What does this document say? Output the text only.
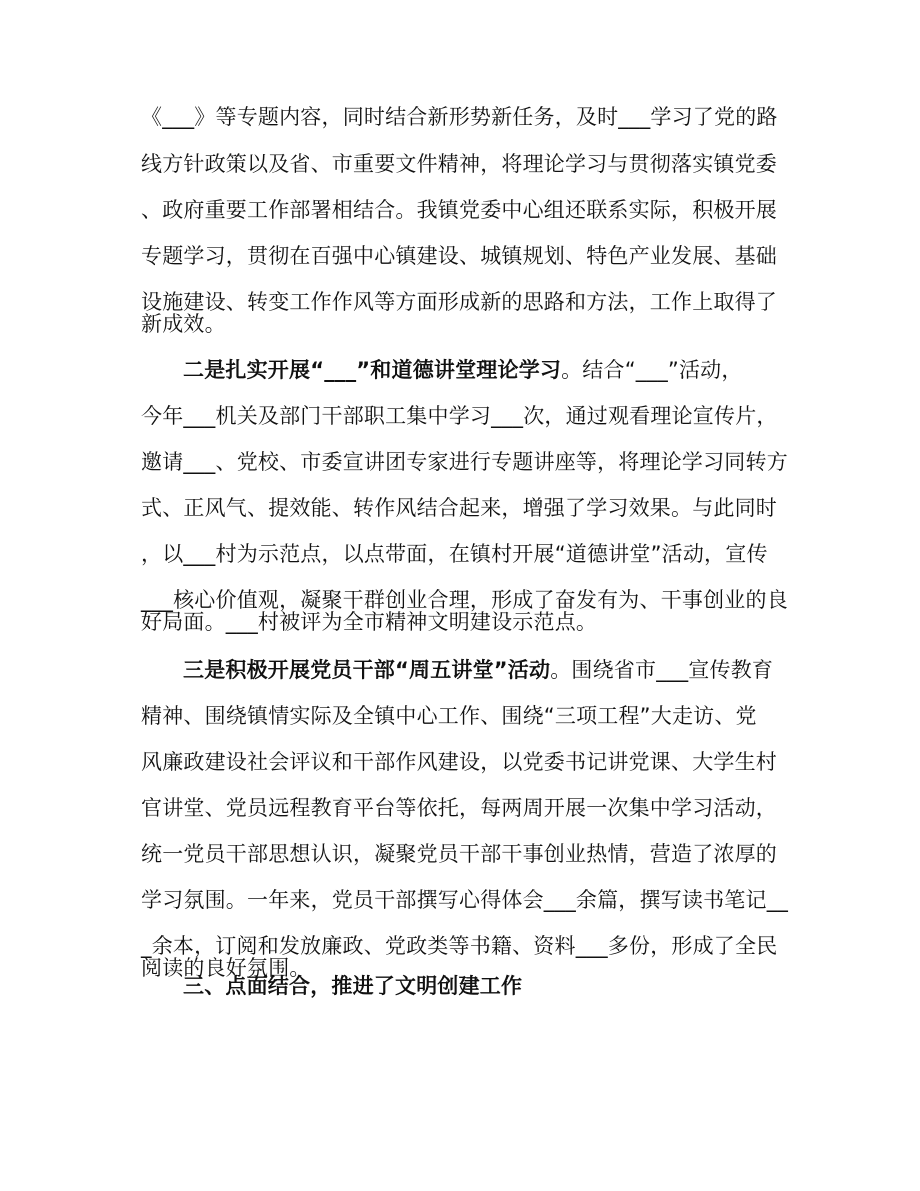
《___》等专题内容，同时结合新形势新任务，及时___学习了党的路
线方针政策以及省、市重要文件精神，将理论学习与贯彻落实镇党委
、政府重要工作部署相结合。我镇党委中心组还联系实际，积极开展
专题学习，贯彻在百强中心镇建设、城镇规划、特色产业发展、基础
设施建设、转变工作作风等方面形成新的思路和方法，工作上取得了
新成效。
二是扎实开展“___”和道德讲堂理论学习。结合“___”活动，
今年___机关及部门干部职工集中学习___次，通过观看理论宣传片，
邀请___、党校、市委宣讲团专家进行专题讲座等，将理论学习同转方
式、正风气、提效能、转作风结合起来，增强了学习效果。与此同时
，以___村为示范点，以点带面，在镇村开展“道德讲堂”活动，宣传
___核心价值观，凝聚干群创业合理，形成了奋发有为、干事创业的良
好局面。___村被评为全市精神文明建设示范点。
三是积极开展党员干部“周五讲堂”活动。围绕省市___宣传教育
精神、围绕镇情实际及全镇中心工作、围绕“三项工程”大走访、党
风廉政建设社会评议和干部作风建设，以党委书记讲党课、大学生村
官讲堂、党员远程教育平台等依托，每两周开展一次集中学习活动，
统一党员干部思想认识，凝聚党员干部干事创业热情，营造了浓厚的
学习氛围。一年来，党员干部撰写心得体会___余篇，撰写读书笔记__
_余本，订阅和发放廉政、党政类等书籍、资料___多份，形成了全民
阅读的良好氛围。
三、点面结合，推进了文明创建工作
